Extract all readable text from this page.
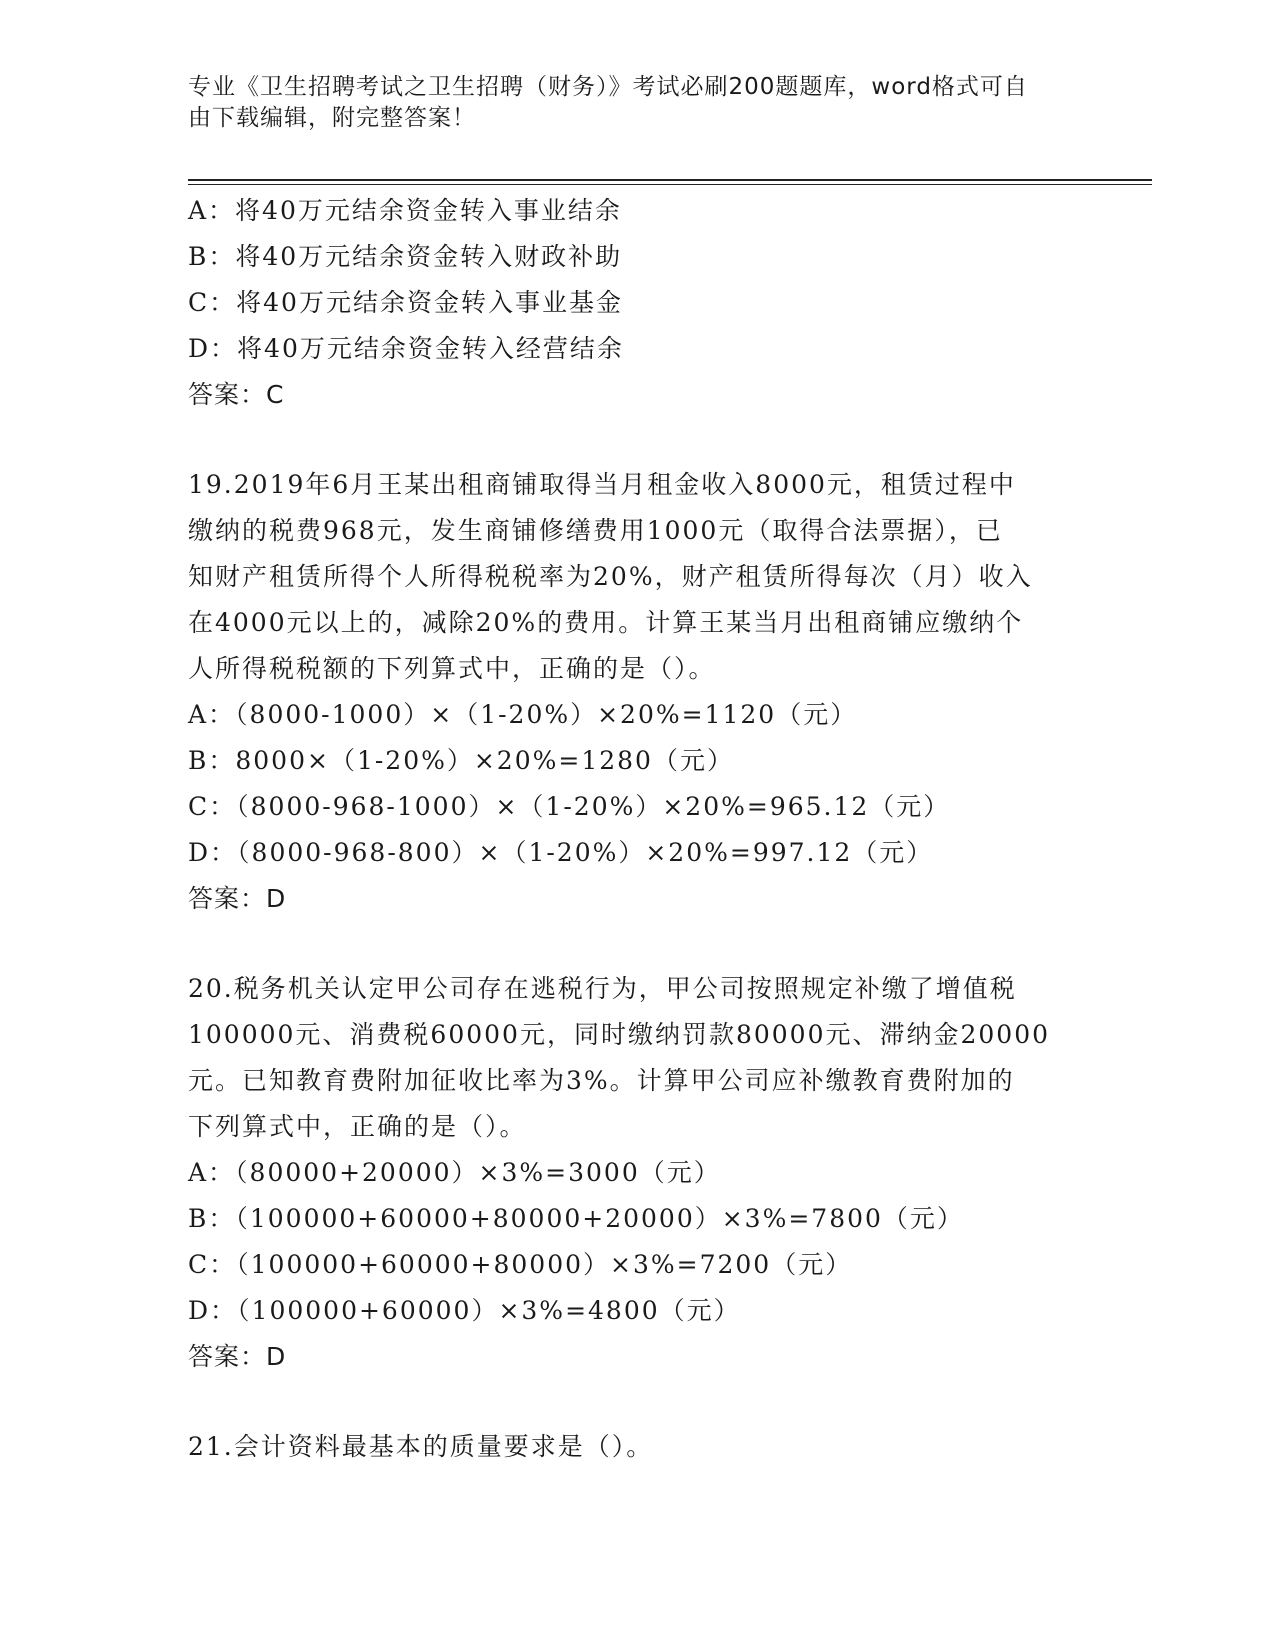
专业《卫生招聘考试之卫生招聘（财务）》考试必刷200题题库，word格式可自
由下载编辑，附完整答案！
A：将40万元结余资金转入事业结余
B：将40万元结余资金转入财政补助
C：将40万元结余资金转入事业基金
D：将40万元结余资金转入经营结余
答案：C
19.2019年6月王某出租商铺取得当月租金收入8000元，租赁过程中
缴纳的税费968元，发生商铺修缮费用1000元（取得合法票据），已
知财产租赁所得个人所得税税率为20%，财产租赁所得每次（月）收入
在4000元以上的，减除20%的费用。计算王某当月出租商铺应缴纳个
人所得税税额的下列算式中，正确的是（）。
A：（8000-1000）×（1-20%）×20%=1120（元）
B：8000×（1-20%）×20%=1280（元）
C：（8000-968-1000）×（1-20%）×20%=965.12（元）
D：（8000-968-800）×（1-20%）×20%=997.12（元）
答案：D
20.税务机关认定甲公司存在逃税行为，甲公司按照规定补缴了增值税
100000元、消费税60000元，同时缴纳罚款80000元、滞纳金20000
元。已知教育费附加征收比率为3%。计算甲公司应补缴教育费附加的
下列算式中，正确的是（）。
A：（80000+20000）×3%=3000（元）
B：（100000+60000+80000+20000）×3%=7800（元）
C：（100000+60000+80000）×3%=7200（元）
D：（100000+60000）×3%=4800（元）
答案：D
21.会计资料最基本的质量要求是（）。
